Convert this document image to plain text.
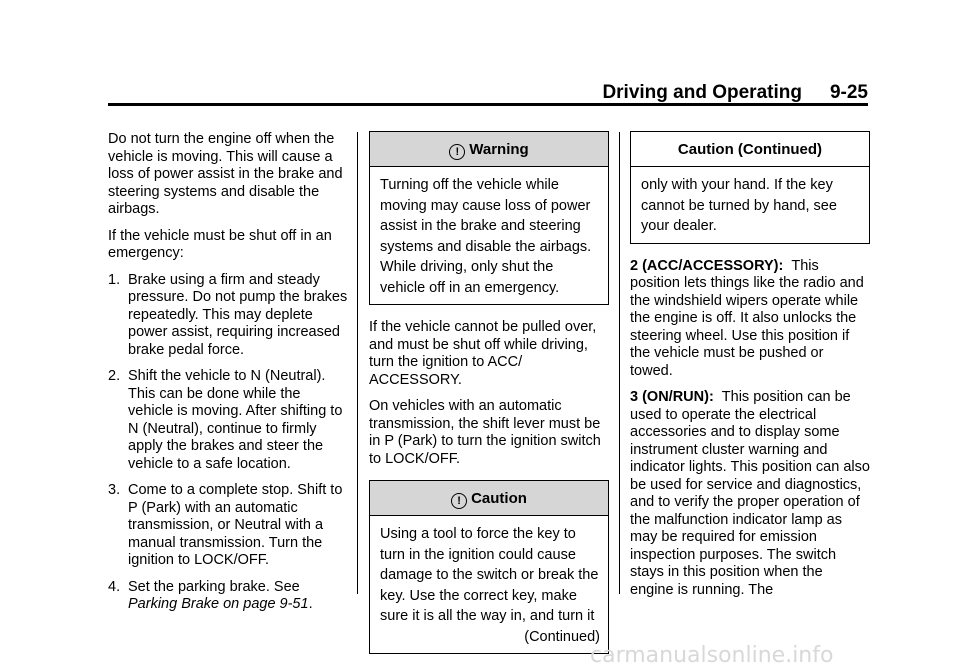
Driving and Operating 9-25

Do not turn the engine off when the vehicle is moving. This will cause a loss of power assist in the brake and steering systems and disable the airbags.

If the vehicle must be shut off in an emergency:

1. Brake using a firm and steady pressure. Do not pump the brakes repeatedly. This may deplete power assist, requiring increased brake pedal force.
2. Shift the vehicle to N (Neutral). This can be done while the vehicle is moving. After shifting to N (Neutral), continue to firmly apply the brakes and steer the vehicle to a safe location.
3. Come to a complete stop. Shift to P (Park) with an automatic transmission, or Neutral with a manual transmission. Turn the ignition to LOCK/OFF.
4. Set the parking brake. See
Parking Brake on page 9-51.
! Warning
Turning off the vehicle while moving may cause loss of power assist in the brake and steering systems and disable the airbags. While driving, only shut the vehicle off in an emergency.

If the vehicle cannot be pulled over, and must be shut off while driving, turn the ignition to ACC/ ACCESSORY.

On vehicles with an automatic transmission, the shift lever must be in P (Park) to turn the ignition switch to LOCK/OFF.

! Caution
Using a tool to force the key to turn in the ignition could cause damage to the switch or break the key. Use the correct key, make sure it is all the way in, and turn it
(Continued)
Caution (Continued)
only with your hand. If the key cannot be turned by hand, see your dealer.

2 (ACC/ACCESSORY): This position lets things like the radio and the windshield wipers operate while the engine is off. It also unlocks the steering wheel. Use this position if the vehicle must be pushed or towed.

3 (ON/RUN): This position can be used to operate the electrical accessories and to display some instrument cluster warning and indicator lights. This position can also be used for service and diagnostics, and to verify the proper operation of the malfunction indicator lamp as may be required for emission inspection purposes. The switch stays in this position when the engine is running. The

carmanualsonline.info
